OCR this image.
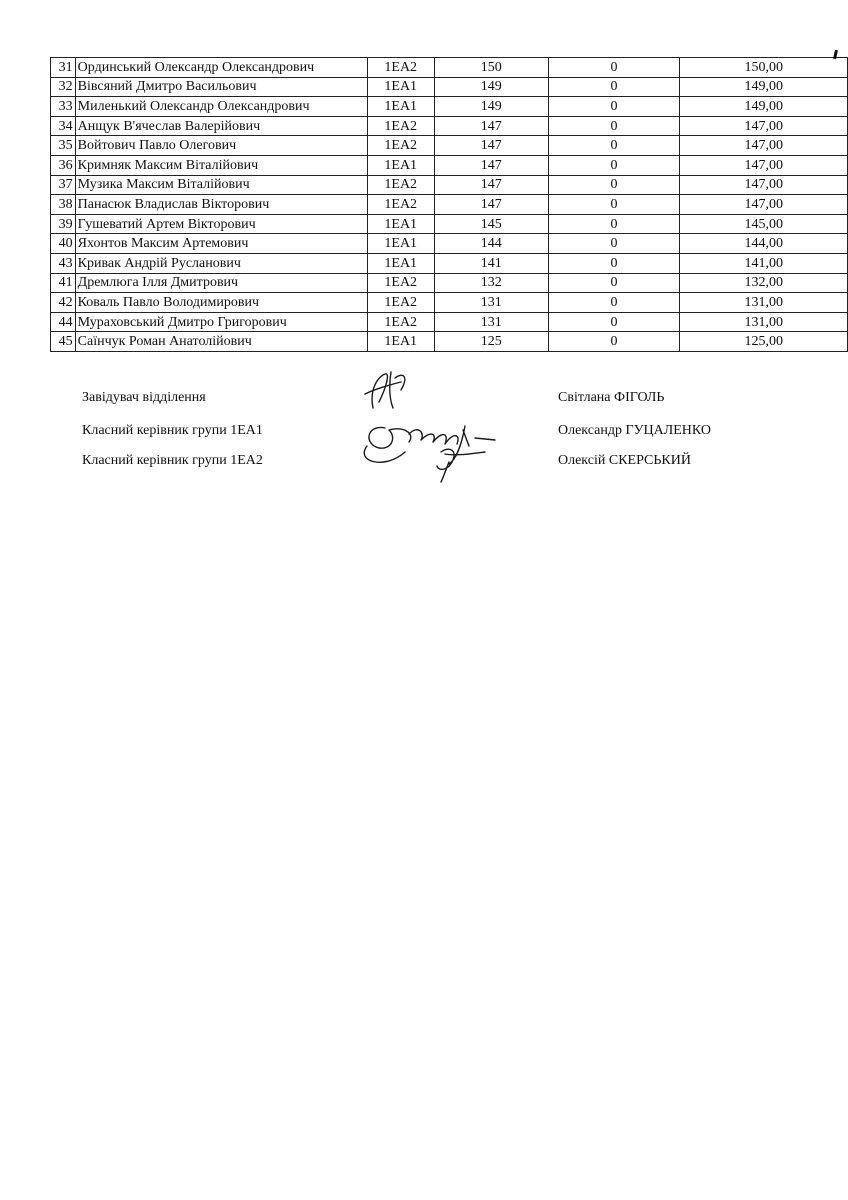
31	Ординський Олександр Олександрович	1ЕА2	150	0	150,00
32	Вівсяний Дмитро Васильович	1ЕА1	149	0	149,00
33	Миленький Олександр Олександрович	1ЕА1	149	0	149,00
34	Анщук В'ячеслав Валерійович	1ЕА2	147	0	147,00
35	Войтович Павло Олегович	1ЕА2	147	0	147,00
36	Кримняк Максим Віталійович	1ЕА1	147	0	147,00
37	Музика Максим Віталійович	1ЕА2	147	0	147,00
38	Панасюк Владислав Вікторович	1ЕА2	147	0	147,00
39	Гушеватий Артем Вікторович	1ЕА1	145	0	145,00
40	Яхонтов Максим Артемович	1ЕА1	144	0	144,00
43	Кривак Андрій Русланович	1ЕА1	141	0	141,00
41	Дремлюга Ілля Дмитрович	1ЕА2	132	0	132,00
42	Коваль Павло Володимирович	1ЕА2	131	0	131,00
44	Мураховський Дмитро Григорович	1ЕА2	131	0	131,00
45	Саїнчук Роман Анатолійович	1ЕА1	125	0	125,00
Завідувач відділення
Класний керівник групи 1ЕА1
Класний керівник групи 1ЕА2
Світлана ФІГОЛЬ
Олександр ГУЦАЛЕНКО
Олексій СКЕРСЬКИЙ
